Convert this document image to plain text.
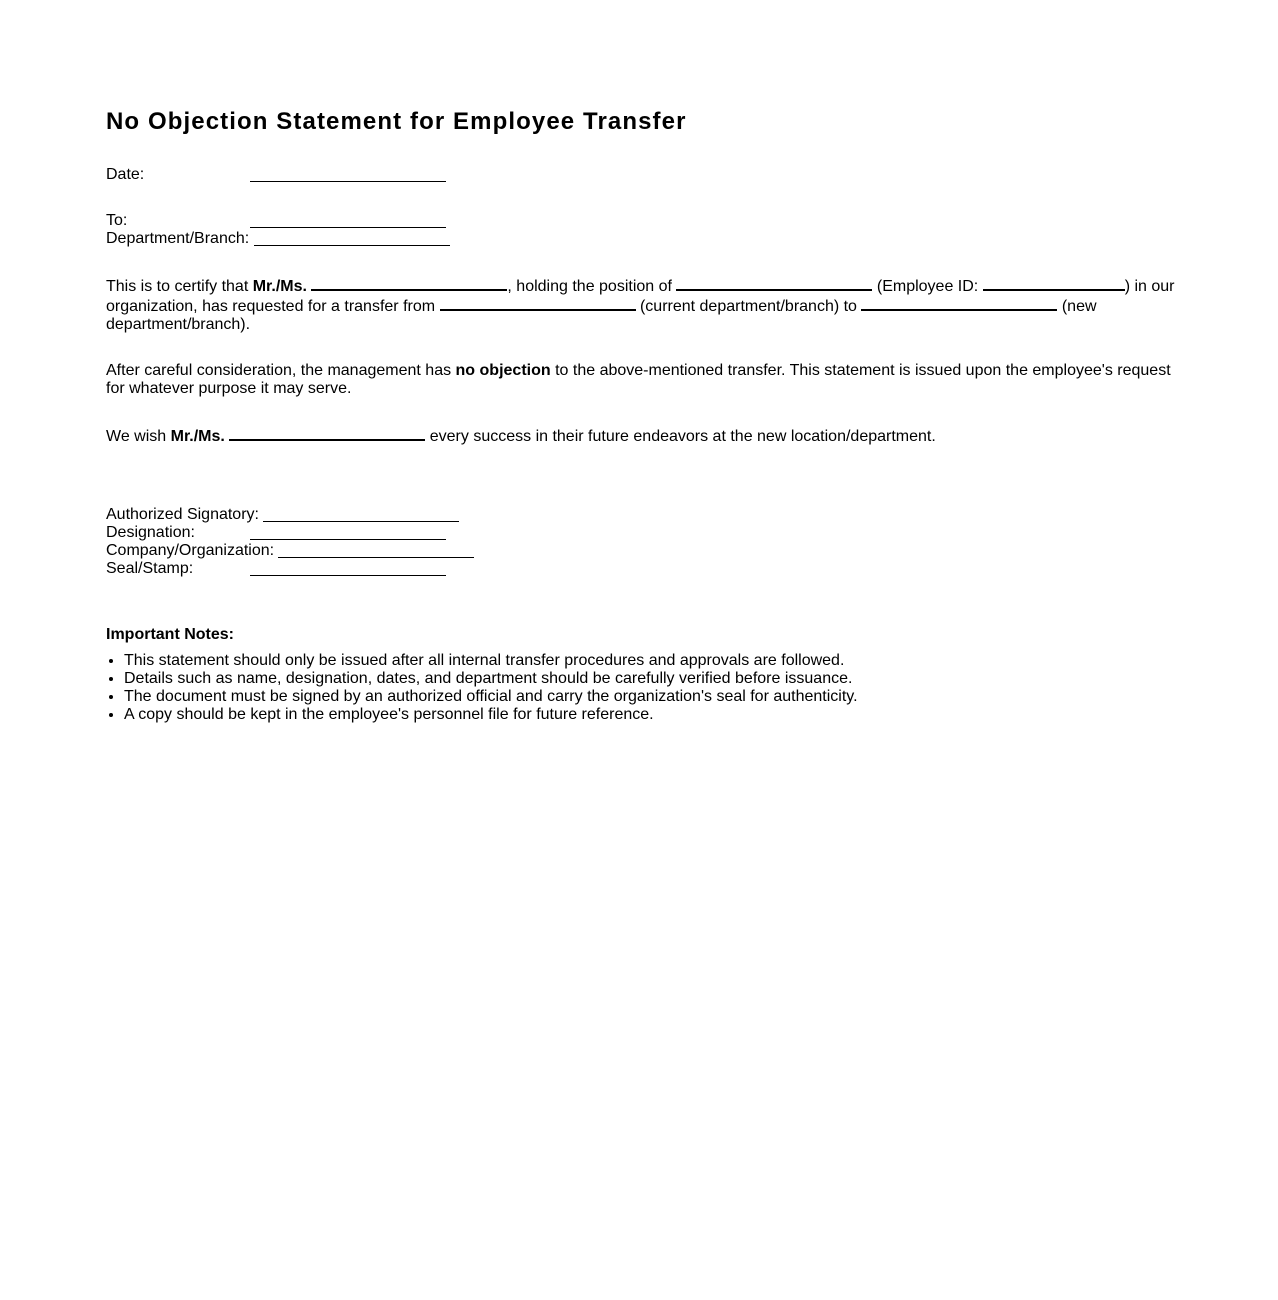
No Objection Statement for Employee Transfer
Date:
To:
Department/Branch:

This is to certify that Mr./Ms.	, holding the position of	(Employee ID:	) in our organization, has requested for a transfer from	(current department/branch) to	(new department/branch).

After careful consideration, the management has no objection to the above-mentioned transfer. This statement is issued upon the employee's request for whatever purpose it may serve.

We wish Mr./Ms.	every success in their future endeavors at the new location/department.

Authorized Signatory:
Designation:
Company/Organization:
Seal/Stamp:

Important Notes:

• This statement should only be issued after all internal transfer procedures and approvals are followed.
• Details such as name, designation, dates, and department should be carefully verified before issuance.
• The document must be signed by an authorized official and carry the organization's seal for authenticity.
• A copy should be kept in the employee's personnel file for future reference.
